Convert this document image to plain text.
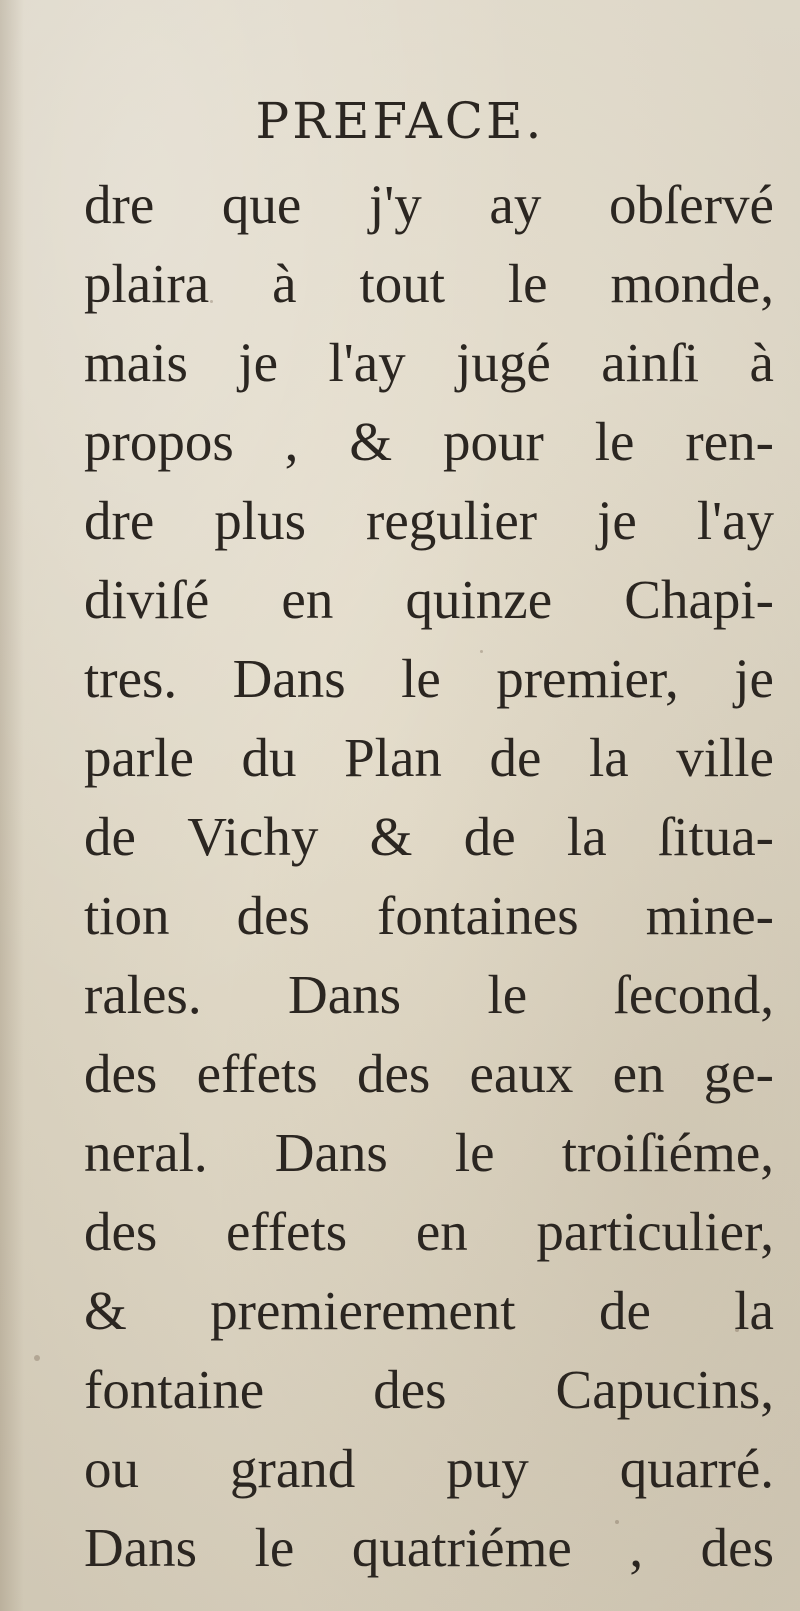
PREFACE.
dre que j'y ay obſervé
plaira à tout le monde,
mais je l'ay jugé ainſi à
propos , & pour le ren-
dre plus regulier je l'ay
diviſé en quinze Chapi-
tres. Dans le premier, je
parle du Plan de la ville
de Vichy & de la ſitua-
tion des fontaines mine-
rales. Dans le ſecond,
des effets des eaux en ge-
neral. Dans le troiſiéme,
des effets en particulier,
& premierement de la
fontaine des Capucins,
ou grand puy quarré.
Dans le quatriéme , des
